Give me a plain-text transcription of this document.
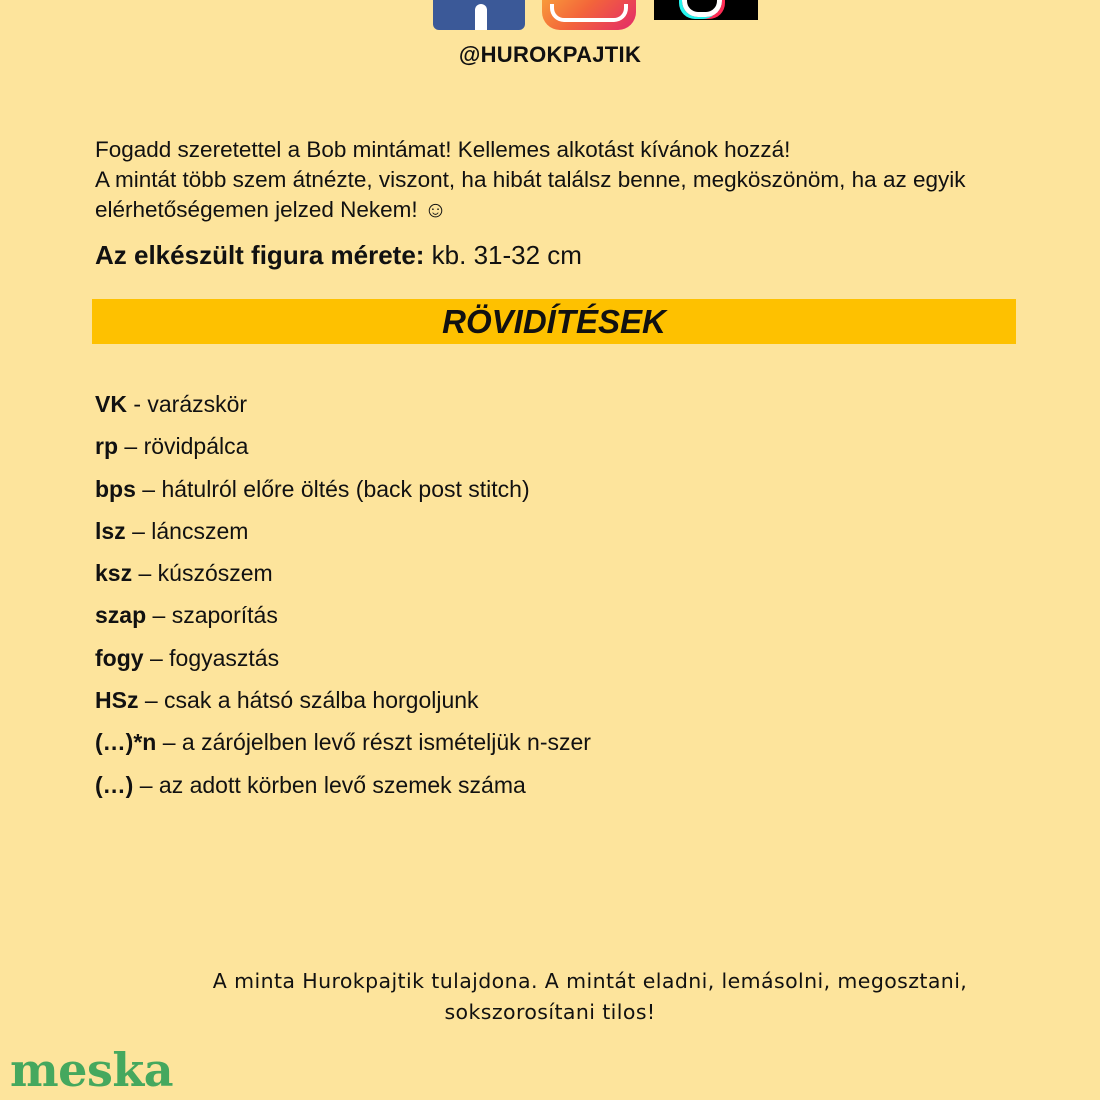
@HUROKPAJTIK

Fogadd szeretettel a Bob mintámat! Kellemes alkotást kívánok hozzá!

A mintát több szem átnézte, viszont, ha hibát találsz benne, megköszönöm, ha az egyik elérhetőségemen jelzed Nekem! ☺

Az elkészült figura mérete: kb. 31-32 cm
RÖVIDÍTÉSEK
VK - varázskör
rp – rövidpálca
bps – hátulról előre öltés (back post stitch)
lsz – láncszem
ksz – kúszószem
szap – szaporítás
fogy – fogyasztás
HSz – csak a hátsó szálba horgoljunk
(…)*n – a zárójelben levő részt ismételjük n-szer
(…) – az adott körben levő szemek száma
A minta Hurokpajtik tulajdona. A mintát eladni, lemásolni, megosztani,
sokszorosítani tilos!
meska
